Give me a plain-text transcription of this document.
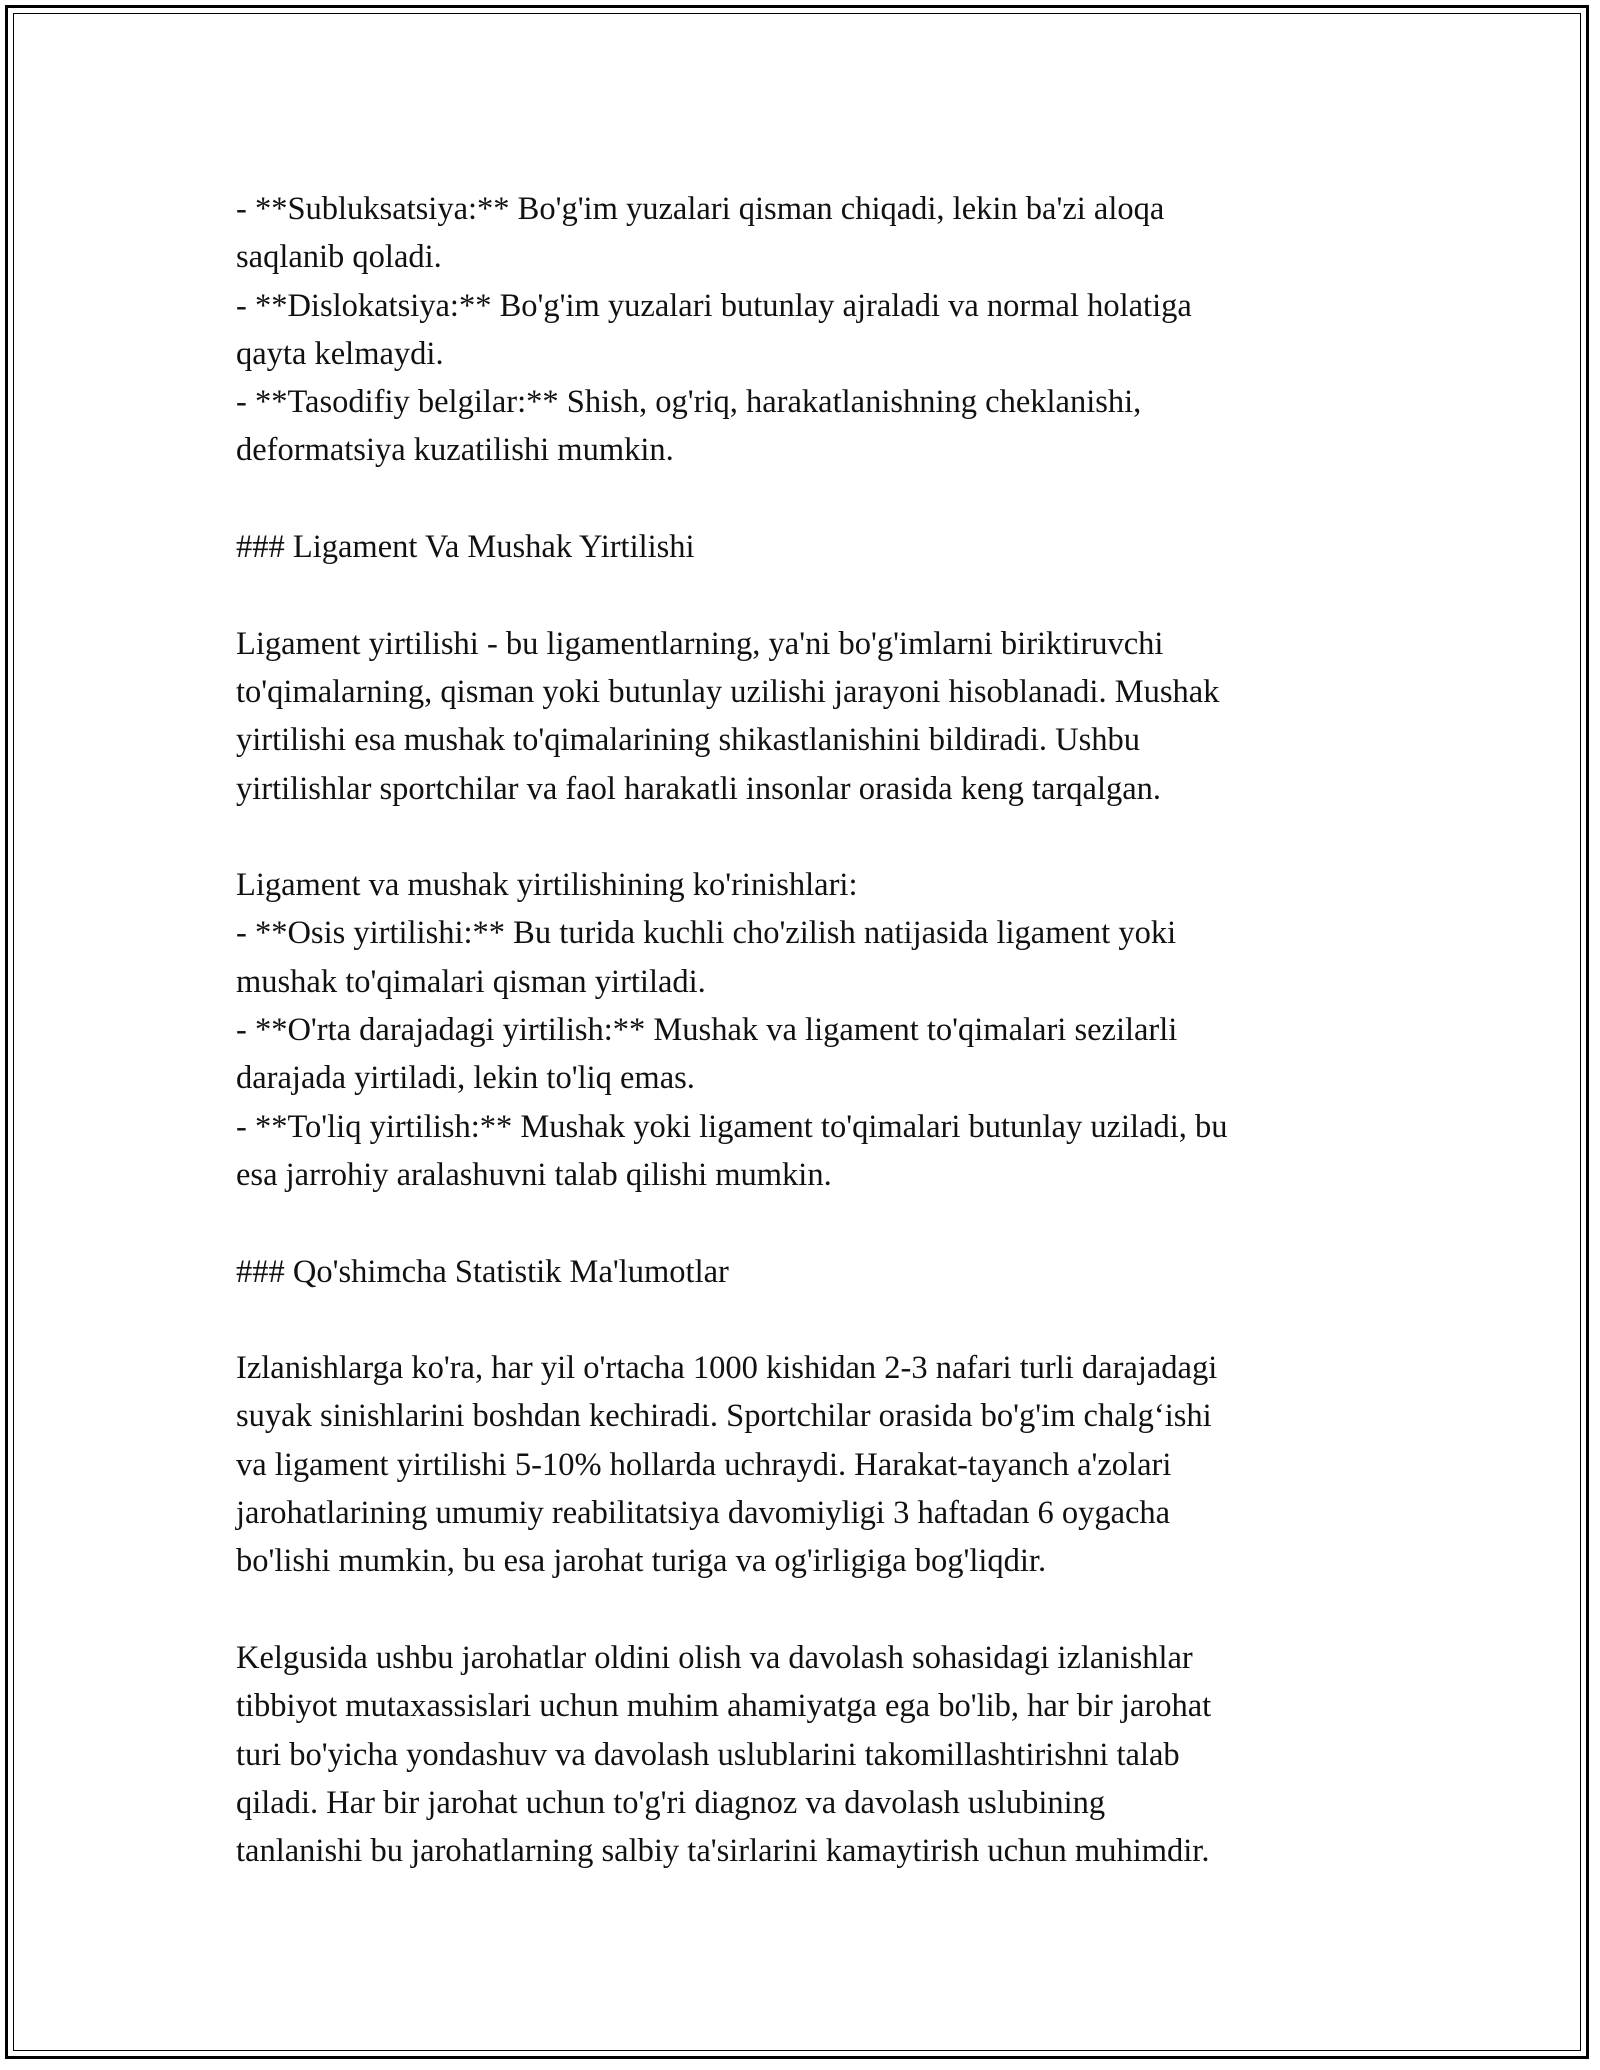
- **Subluksatsiya:** Bo'g'im yuzalari qisman chiqadi, lekin ba'zi aloqa

saqlanib qoladi.

- **Dislokatsiya:** Bo'g'im yuzalari butunlay ajraladi va normal holatiga

qayta kelmaydi.

- **Tasodifiy belgilar:** Shish, og'riq, harakatlanishning cheklanishi,

deformatsiya kuzatilishi mumkin.

### Ligament Va Mushak Yirtilishi

Ligament yirtilishi - bu ligamentlarning, ya'ni bo'g'imlarni biriktiruvchi

to'qimalarning, qisman yoki butunlay uzilishi jarayoni hisoblanadi. Mushak

yirtilishi esa mushak to'qimalarining shikastlanishini bildiradi. Ushbu

yirtilishlar sportchilar va faol harakatli insonlar orasida keng tarqalgan.

Ligament va mushak yirtilishining ko'rinishlari:

- **Osis yirtilishi:** Bu turida kuchli cho'zilish natijasida ligament yoki

mushak to'qimalari qisman yirtiladi.

- **O'rta darajadagi yirtilish:** Mushak va ligament to'qimalari sezilarli

darajada yirtiladi, lekin to'liq emas.

- **To'liq yirtilish:** Mushak yoki ligament to'qimalari butunlay uziladi, bu

esa jarrohiy aralashuvni talab qilishi mumkin.

### Qo'shimcha Statistik Ma'lumotlar

Izlanishlarga ko'ra, har yil o'rtacha 1000 kishidan 2-3 nafari turli darajadagi

suyak sinishlarini boshdan kechiradi. Sportchilar orasida bo'g'im chalg‘ishi

va ligament yirtilishi 5-10% hollarda uchraydi. Harakat-tayanch a'zolari

jarohatlarining umumiy reabilitatsiya davomiyligi 3 haftadan 6 oygacha

bo'lishi mumkin, bu esa jarohat turiga va og'irligiga bog'liqdir.

Kelgusida ushbu jarohatlar oldini olish va davolash sohasidagi izlanishlar

tibbiyot mutaxassislari uchun muhim ahamiyatga ega bo'lib, har bir jarohat

turi bo'yicha yondashuv va davolash uslublarini takomillashtirishni talab

qiladi. Har bir jarohat uchun to'g'ri diagnoz va davolash uslubining

tanlanishi bu jarohatlarning salbiy ta'sirlarini kamaytirish uchun muhimdir.
